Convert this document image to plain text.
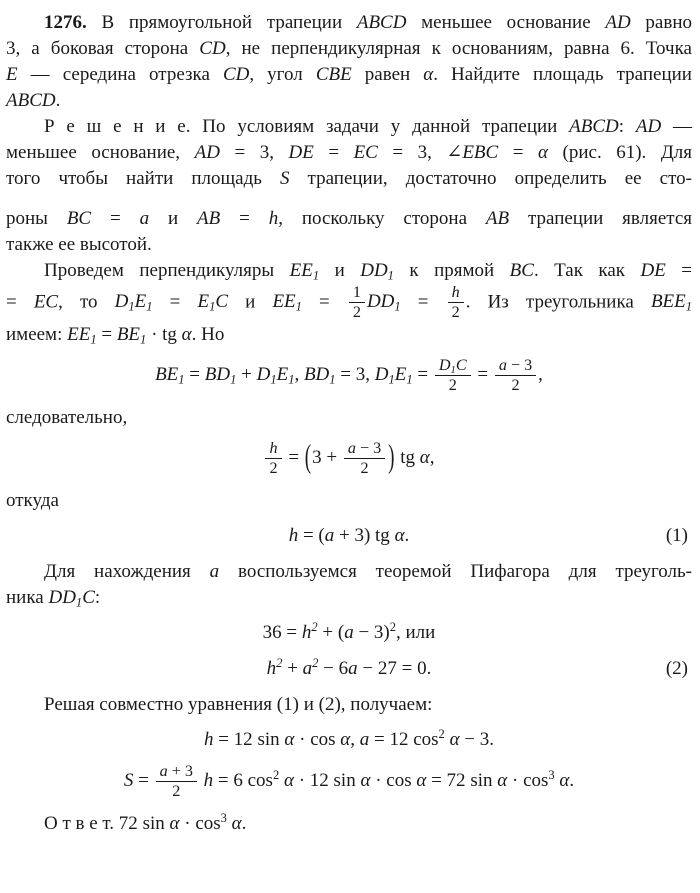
1276. В прямоугольной трапеции ABCD меньшее основание AD равно
3, а боковая сторона CD, не перпендикулярная к основаниям, равна 6. Точка
E — середина отрезка CD, угол CBE равен α. Найдите площадь трапеции
ABCD.
Р е ш е н и е. По условиям задачи у данной трапеции ABCD: AD —
меньшее основание, AD = 3, DE = EC = 3, ∠EBC = α (рис. 61). Для
того чтобы найти площадь S трапеции, достаточно определить ее сто-
роны BC = a и AB = h, поскольку сторона AB трапеции является
также ее высотой.
Проведем перпендикуляры $EE_1$ и $DD_1$ к прямой BC. Так как DE =
= EC, то $D_1E_1 = E_1C$ и $EE_1 = \frac{1}{2} DD_1 = \frac{h}{2}$ . Из треугольника $BEE_1$
имеем: $EE_1 = BE_1$ · tg α. Но
$BE_1 = BD_1 + D_1E_1$, $BD_1 = 3$, $D_1E_1 = \frac{D_1C}{2} = \frac{a - 3}{2}$ ,
следовательно,
$\frac{h}{2} = (3 + \frac{a - 3}{2}$ ) tg α,
откуда
h = (a + 3) tg α.	(1)
Для нахождения a воспользуемся теоремой Пифагора для треуголь-
ника $DD_1C$:
$36 = h^2 + (a - 3)^2$, или
$h^2 + a^2 - 6a - 27 = 0$.	(2)
Решая совместно уравнения (1) и (2), получаем:
h = 12 sin α · cos α, a = 12 $\cos^2 \alpha - 3$.
$S = \frac{a + 3}{2}$ h = 6 $\cos^2 \alpha \cdot 12$ sin α · cos α = 72 $\sin \alpha \cdot \cos^3 \alpha$.
О т в е т. 72 $\sin \alpha \cdot \cos^3 \alpha$.
